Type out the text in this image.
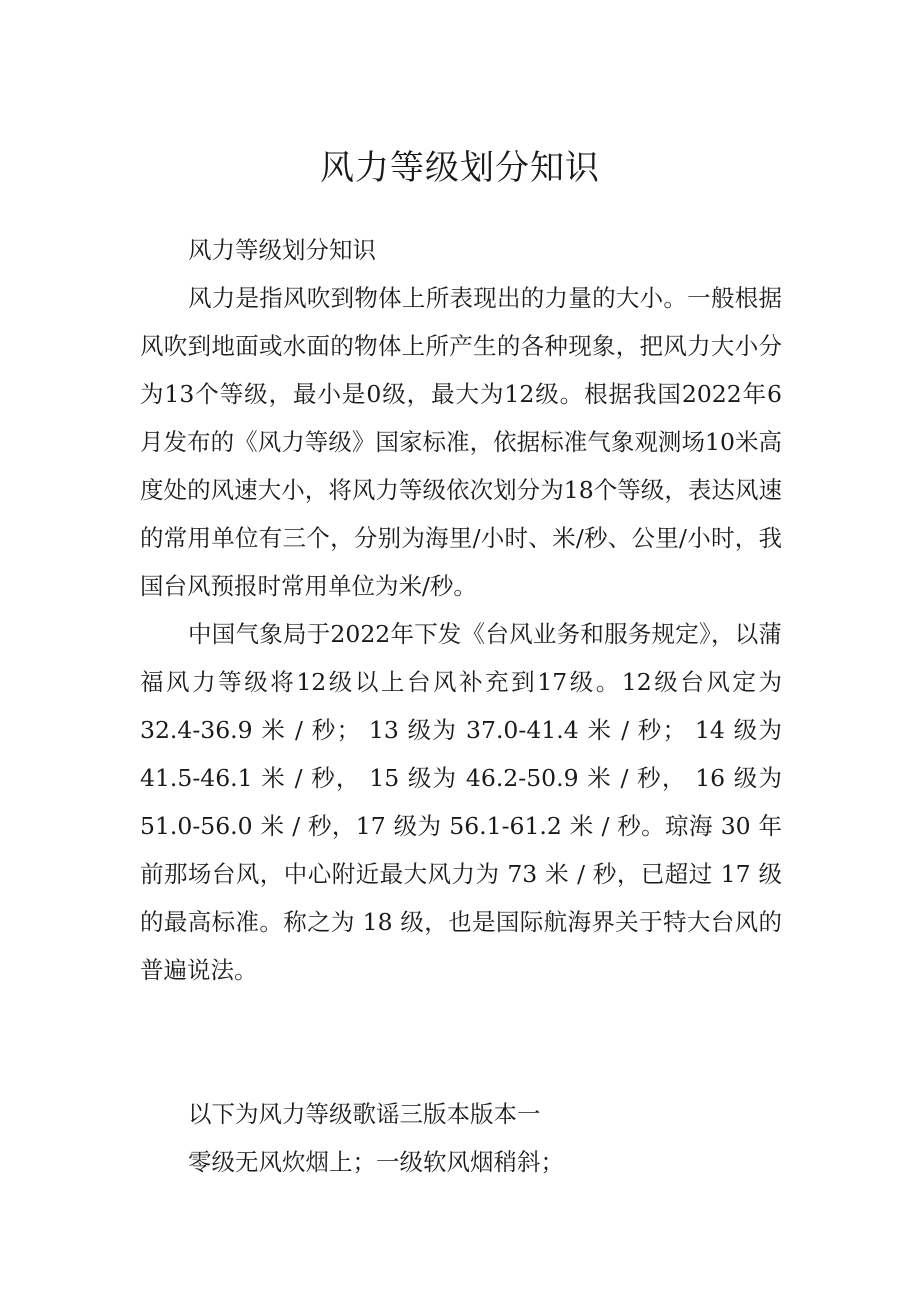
风力等级划分知识

风力等级划分知识

风力是指风吹到物体上所表现出的力量的大小。一般根据风吹到地面或水面的物体上所产生的各种现象，把风力大小分为13个等级，最小是0级，最大为12级。根据我国2022年6月发布的《风力等级》国家标准，依据标准气象观测场10米高度处的风速大小，将风力等级依次划分为18个等级，表达风速的常用单位有三个，分别为海里/小时、米/秒、公里/小时，我国台风预报时常用单位为米/秒。

中国气象局于2022年下发《台风业务和服务规定》，以蒲福风力等级将12级以上台风补充到17级。12级台风定为32.4-36.9 米 / 秒； 13 级为 37.0-41.4 米 / 秒； 14 级为 41.5-46.1 米 / 秒， 15 级为 46.2-50.9 米 / 秒， 16 级为 51.0-56.0 米 / 秒，17 级为 56.1-61.2 米 / 秒。琼海 30 年前那场台风，中心附近最大风力为 73 米 / 秒，已超过 17 级的最高标准。称之为 18 级，也是国际航海界关于特大台风的普遍说法。

以下为风力等级歌谣三版本版本一

零级无风炊烟上；一级软风烟稍斜；
